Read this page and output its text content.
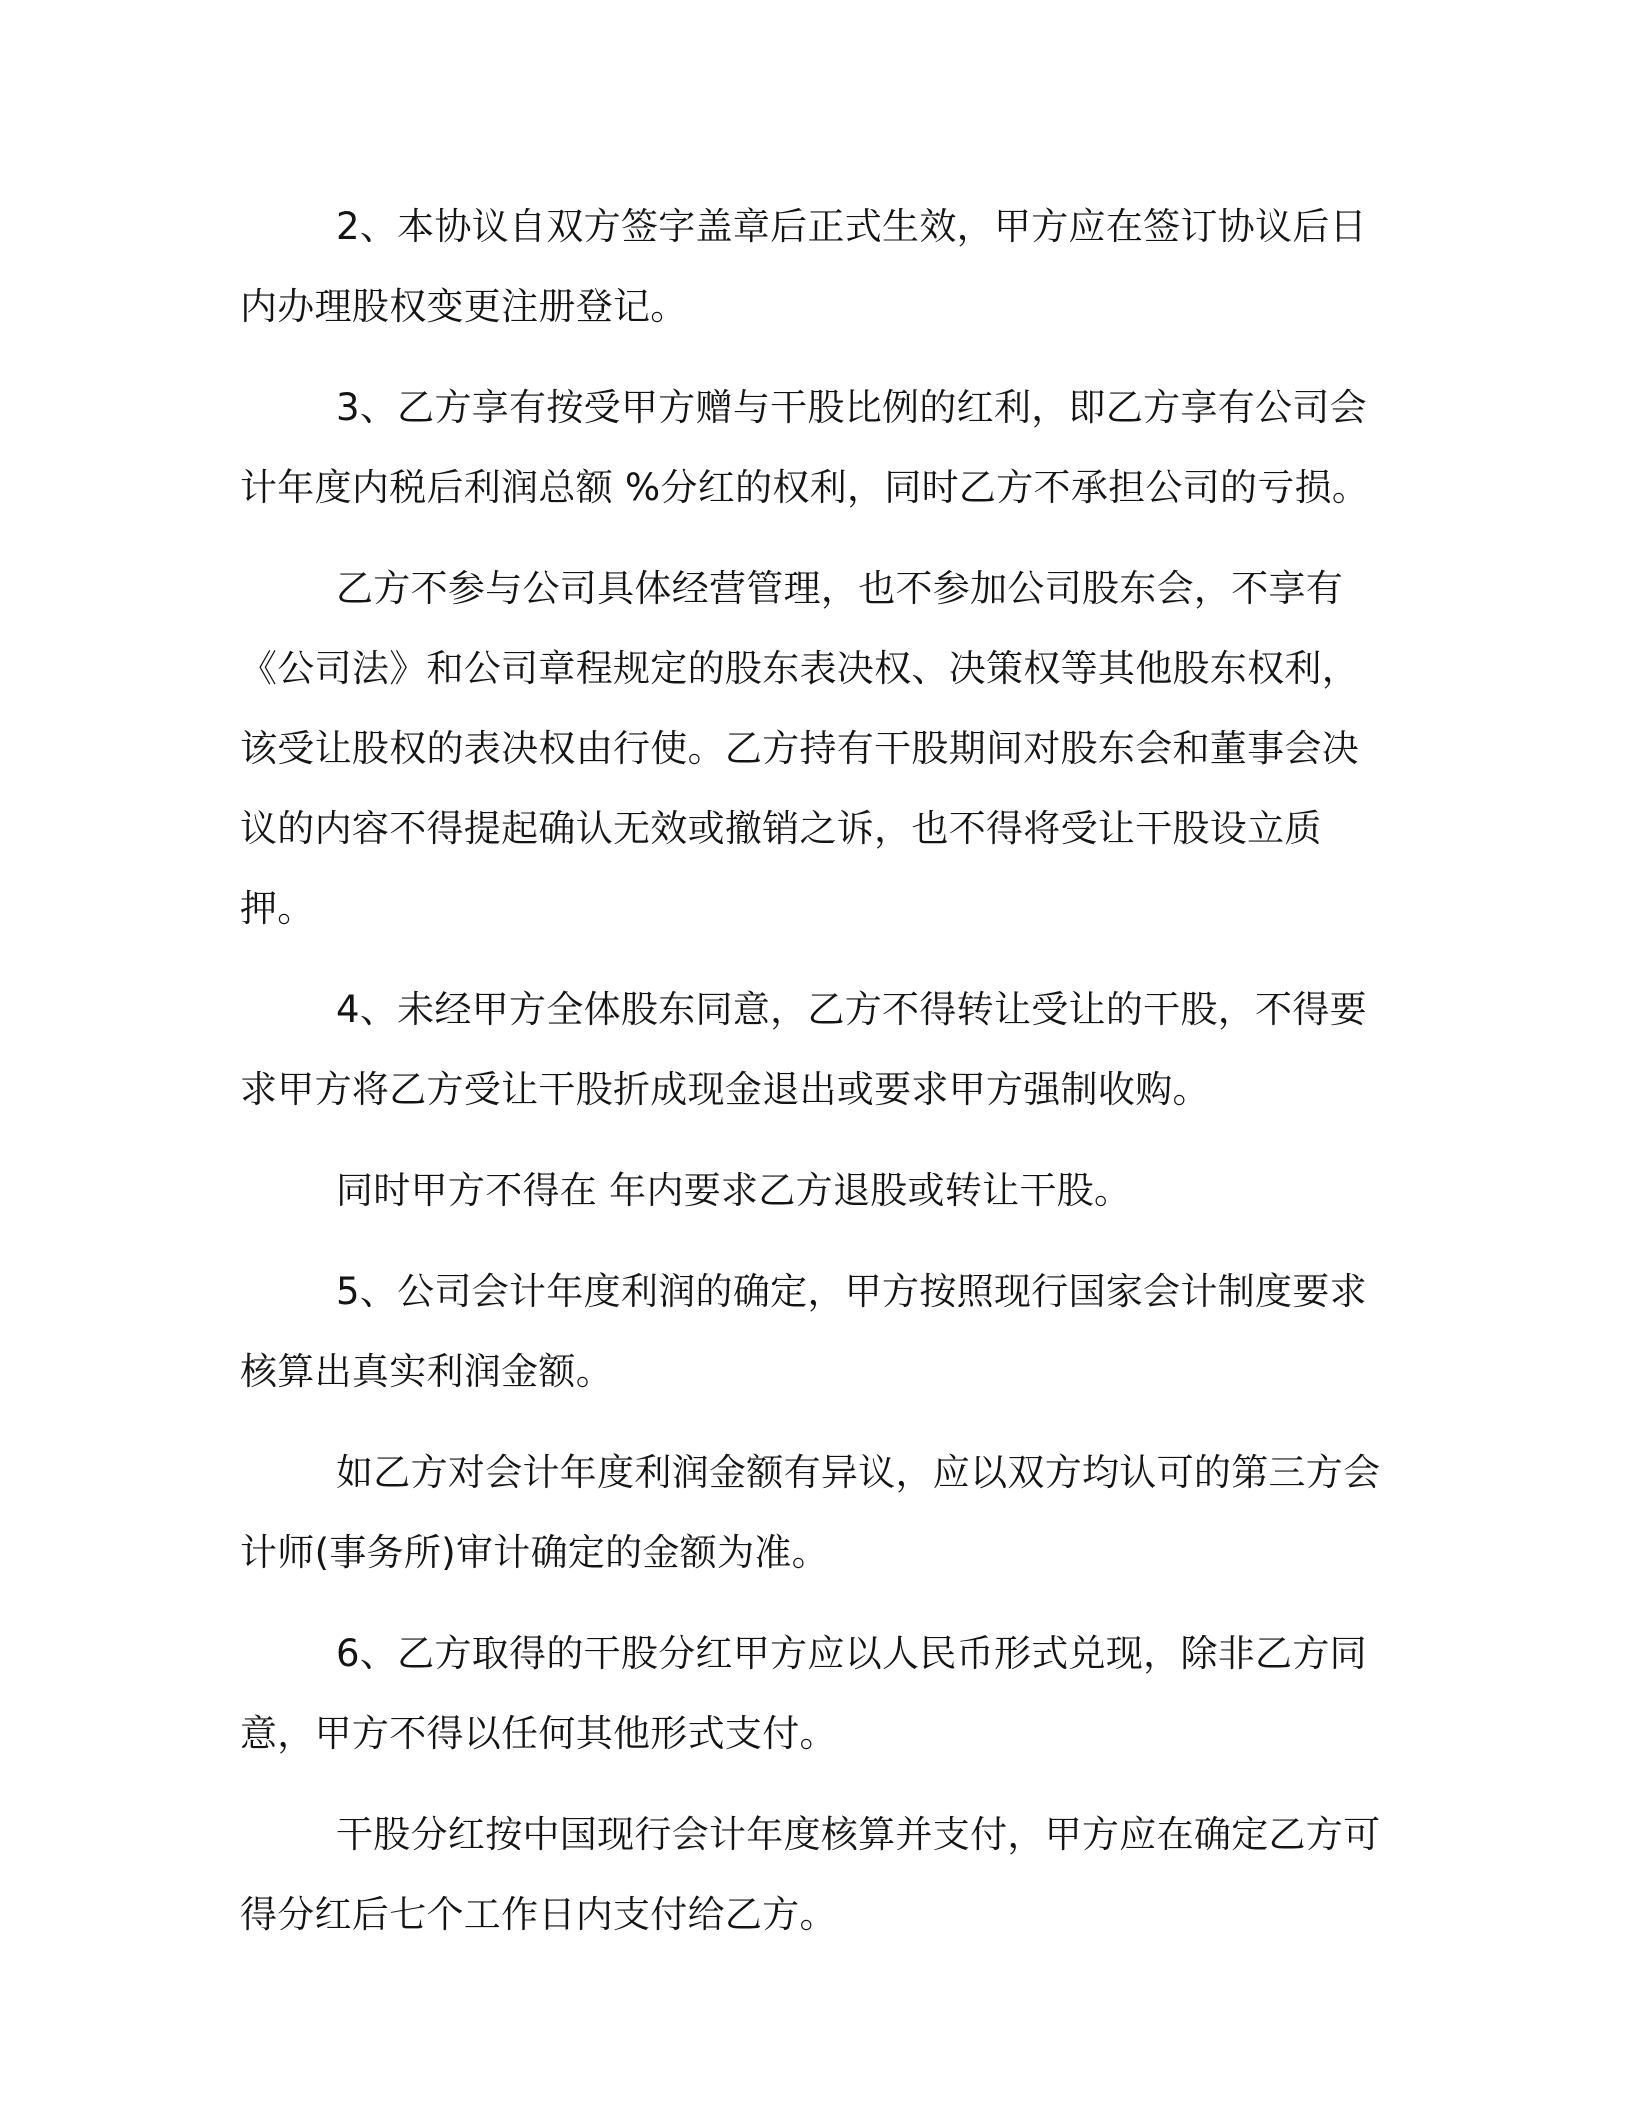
2、本协议自双方签字盖章后正式生效，甲方应在签订协议后日内办理股权变更注册登记。

3、乙方享有按受甲方赠与干股比例的红利，即乙方享有公司会计年度内税后利润总额 %分红的权利，同时乙方不承担公司的亏损。

乙方不参与公司具体经营管理，也不参加公司股东会，不享有《公司法》和公司章程规定的股东表决权、决策权等其他股东权利，该受让股权的表决权由行使。乙方持有干股期间对股东会和董事会决议的内容不得提起确认无效或撤销之诉，也不得将受让干股设立质押。

4、未经甲方全体股东同意，乙方不得转让受让的干股，不得要求甲方将乙方受让干股折成现金退出或要求甲方强制收购。

同时甲方不得在 年内要求乙方退股或转让干股。

5、公司会计年度利润的确定，甲方按照现行国家会计制度要求核算出真实利润金额。

如乙方对会计年度利润金额有异议，应以双方均认可的第三方会计师(事务所)审计确定的金额为准。

6、乙方取得的干股分红甲方应以人民币形式兑现，除非乙方同意，甲方不得以任何其他形式支付。

干股分红按中国现行会计年度核算并支付，甲方应在确定乙方可得分红后七个工作日内支付给乙方。
